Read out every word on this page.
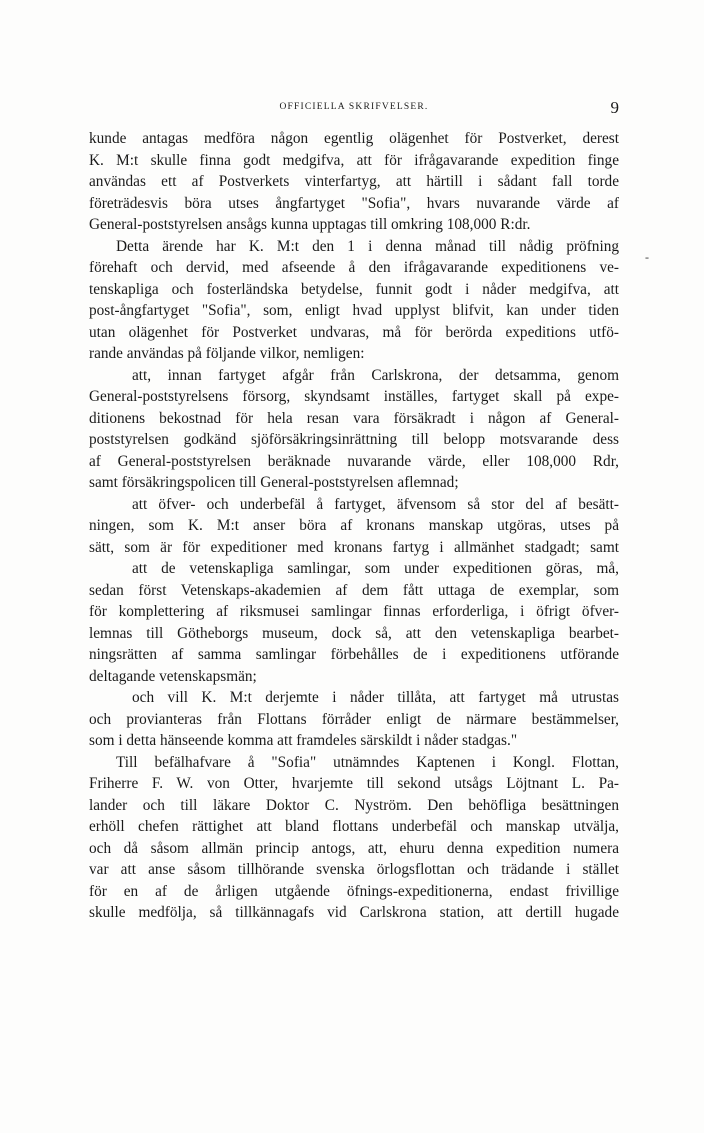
OFFICIELLA SKRIFVELSER.	9
-
kunde antagas medföra någon egentlig olägenhet för Postverket, derest
K. M:t skulle finna godt medgifva, att för ifrågavarande expedition finge
användas ett af Postverkets vinterfartyg, att härtill i sådant fall torde
företrädesvis böra utses ångfartyget "Sofia", hvars nuvarande värde af
General-poststyrelsen ansågs kunna upptagas till omkring 108,000 R:dr.
Detta ärende har K. M:t den 1 i denna månad till nådig pröfning
förehaft och dervid, med afseende å den ifrågavarande expeditionens ve-
tenskapliga och fosterländska betydelse, funnit godt i nåder medgifva, att
post-ångfartyget "Sofia", som, enligt hvad upplyst blifvit, kan under tiden
utan olägenhet för Postverket undvaras, må för berörda expeditions utfö-
rande användas på följande vilkor, nemligen:
att, innan fartyget afgår från Carlskrona, der detsamma, genom
General-poststyrelsens försorg, skyndsamt inställes, fartyget skall på expe-
ditionens bekostnad för hela resan vara försäkradt i någon af General-
poststyrelsen godkänd sjöförsäkringsinrättning till belopp motsvarande dess
af General-poststyrelsen beräknade nuvarande värde, eller 108,000 Rdr,
samt försäkringspolicen till General-poststyrelsen aflemnad;
att öfver- och underbefäl å fartyget, äfvensom så stor del af besätt-
ningen, som K. M:t anser böra af kronans manskap utgöras, utses på
sätt, som är för expeditioner med kronans fartyg i allmänhet stadgadt; samt
att de vetenskapliga samlingar, som under expeditionen göras, må,
sedan först Vetenskaps-akademien af dem fått uttaga de exemplar, som
för komplettering af riksmusei samlingar finnas erforderliga, i öfrigt öfver-
lemnas till Götheborgs museum, dock så, att den vetenskapliga bearbet-
ningsrätten af samma samlingar förbehålles de i expeditionens utförande
deltagande vetenskapsmän;
och vill K. M:t derjemte i nåder tillåta, att fartyget må utrustas
och provianteras från Flottans förråder enligt de närmare bestämmelser,
som i detta hänseende komma att framdeles särskildt i nåder stadgas."
Till befälhafvare å "Sofia" utnämndes Kaptenen i Kongl. Flottan,
Friherre F. W. von Otter, hvarjemte till sekond utsågs Löjtnant L. Pa-
lander och till läkare Doktor C. Nyström. Den behöfliga besättningen
erhöll chefen rättighet att bland flottans underbefäl och manskap utvälja,
och då såsom allmän princip antogs, att, ehuru denna expedition numera
var att anse såsom tillhörande svenska örlogsflottan och trädande i stället
för en af de årligen utgående öfnings-expeditionerna, endast frivillige
skulle medfölja, så tillkännagafs vid Carlskrona station, att dertill hugade
